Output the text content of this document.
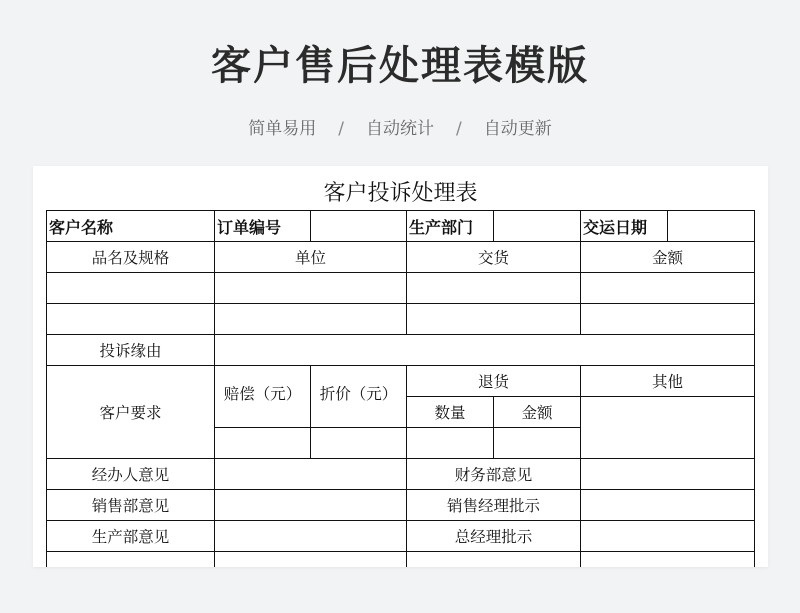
客户售后处理表模版
简单易用 / 自动统计 / 自动更新
客户投诉处理表
客户名称	订单编号		生产部门		交运日期	
品名及规格	单位		交货		金额	

投诉缘由						
客户要求	赔偿（元）	折价（元）	退货		其他	
			数量	金额		

经办人意见			财务部意见			
销售部意见			销售经理批示			
生产部意见			总经理批示			
